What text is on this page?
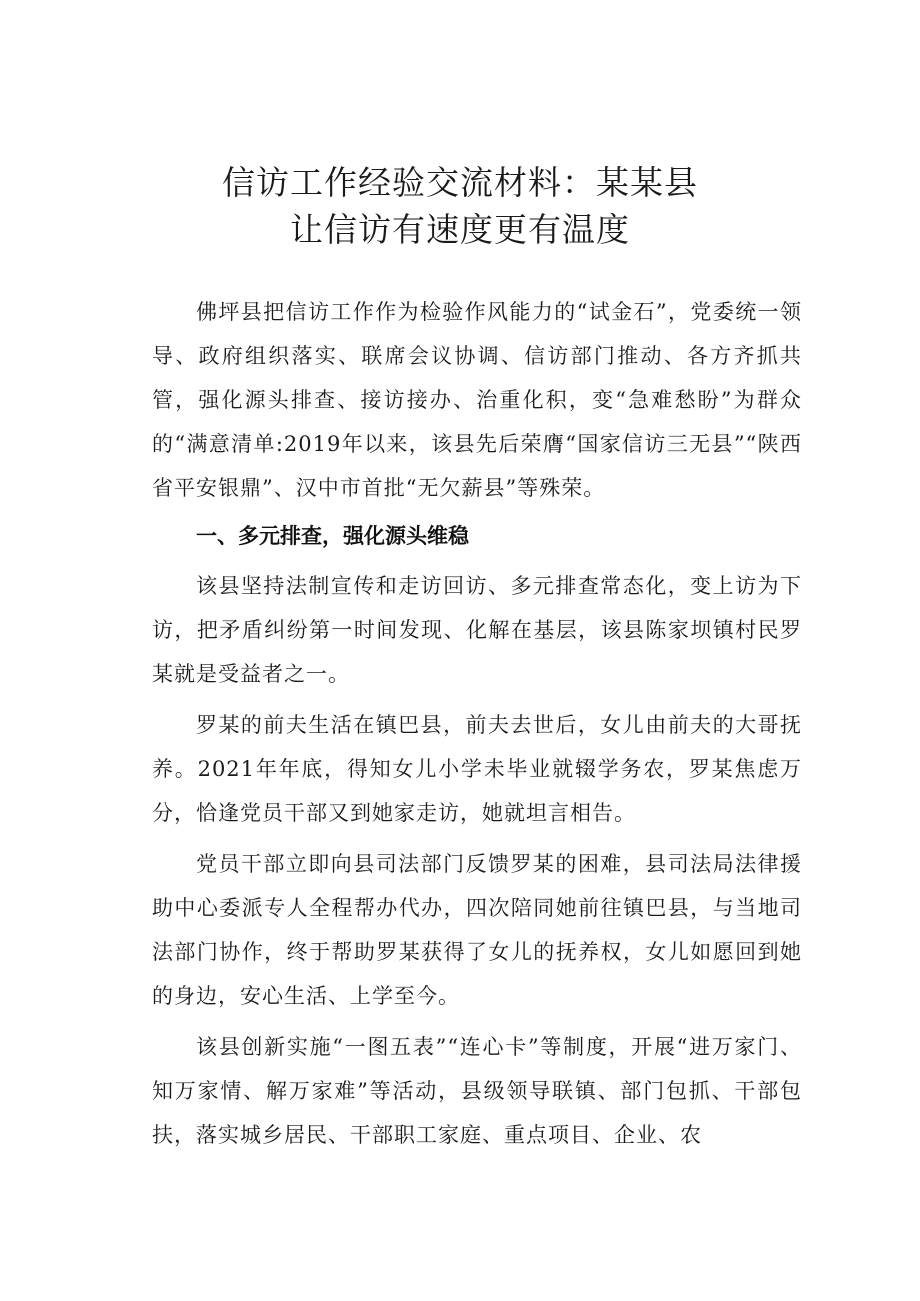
信访工作经验交流材料：某某县
让信访有速度更有温度

佛坪县把信访工作作为检验作风能力的“试金石”，党委统一领导、政府组织落实、联席会议协调、信访部门推动、各方齐抓共管，强化源头排查、接访接办、治重化积，变“急难愁盼”为群众的“满意清单:2019年以来，该县先后荣膺“国家信访三无县”“陕西省平安银鼎”、汉中市首批“无欠薪县”等殊荣。

一、多元排查，强化源头维稳

该县坚持法制宣传和走访回访、多元排查常态化，变上访为下访，把矛盾纠纷第一时间发现、化解在基层，该县陈家坝镇村民罗某就是受益者之一。

罗某的前夫生活在镇巴县，前夫去世后，女儿由前夫的大哥抚养。2021年年底，得知女儿小学未毕业就辍学务农，罗某焦虑万分，恰逢党员干部又到她家走访，她就坦言相告。

党员干部立即向县司法部门反馈罗某的困难，县司法局法律援助中心委派专人全程帮办代办，四次陪同她前往镇巴县，与当地司法部门协作，终于帮助罗某获得了女儿的抚养权，女儿如愿回到她的身边，安心生活、上学至今。

该县创新实施“一图五表”“连心卡”等制度，开展“进万家门、知万家情、解万家难”等活动，县级领导联镇、部门包抓、干部包扶，落实城乡居民、干部职工家庭、重点项目、企业、农
